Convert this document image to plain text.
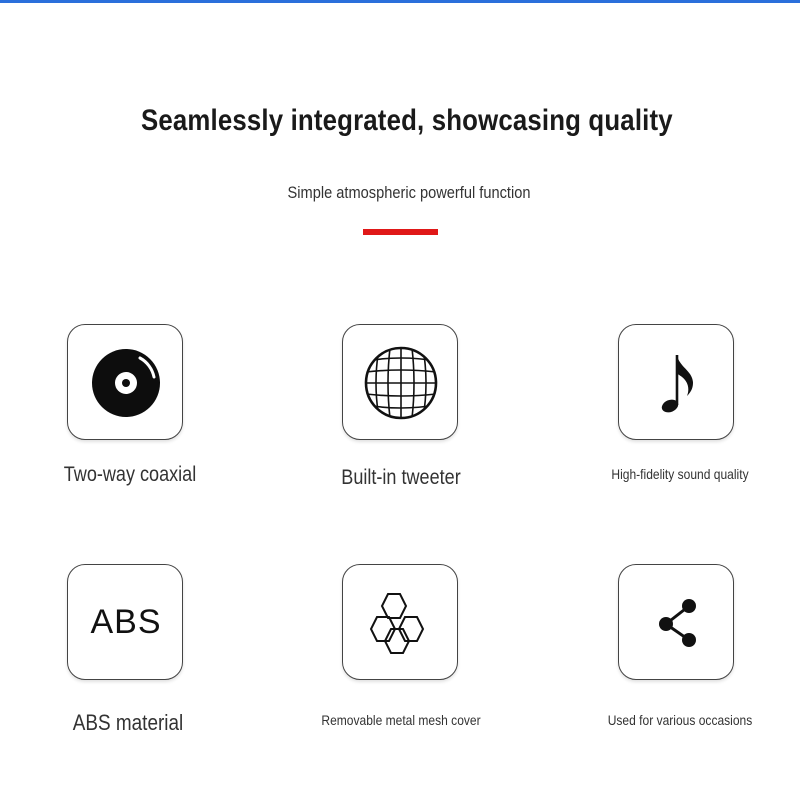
Seamlessly integrated, showcasing quality

Simple atmospheric powerful function

Two-way coaxial	Built-in tweeter	High-fidelity sound quality
ABS
ABS material	Removable metal mesh cover	Used for various occasions
